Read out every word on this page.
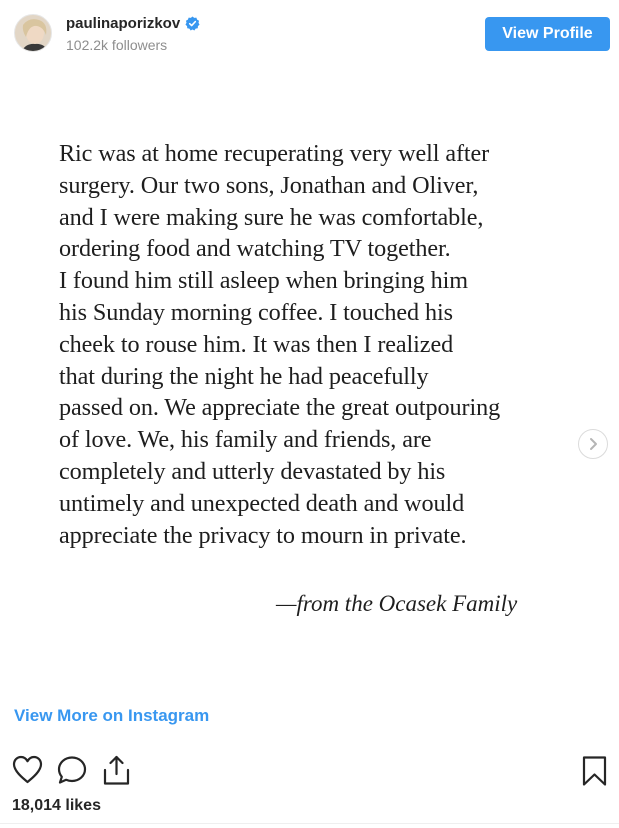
paulinaporizkov
102.2k followers
View Profile
Ric was at home recuperating very well after
surgery. Our two sons, Jonathan and Oliver,
and I were making sure he was comfortable,
ordering food and watching TV together.
I found him still asleep when bringing him
his Sunday morning coffee. I touched his
cheek to rouse him. It was then I realized
that during the night he had peacefully
passed on. We appreciate the great outpouring
of love. We, his family and friends, are
completely and utterly devastated by his
untimely and unexpected death and would
appreciate the privacy to mourn in private.
—from the Ocasek Family
View More on Instagram
18,014 likes
